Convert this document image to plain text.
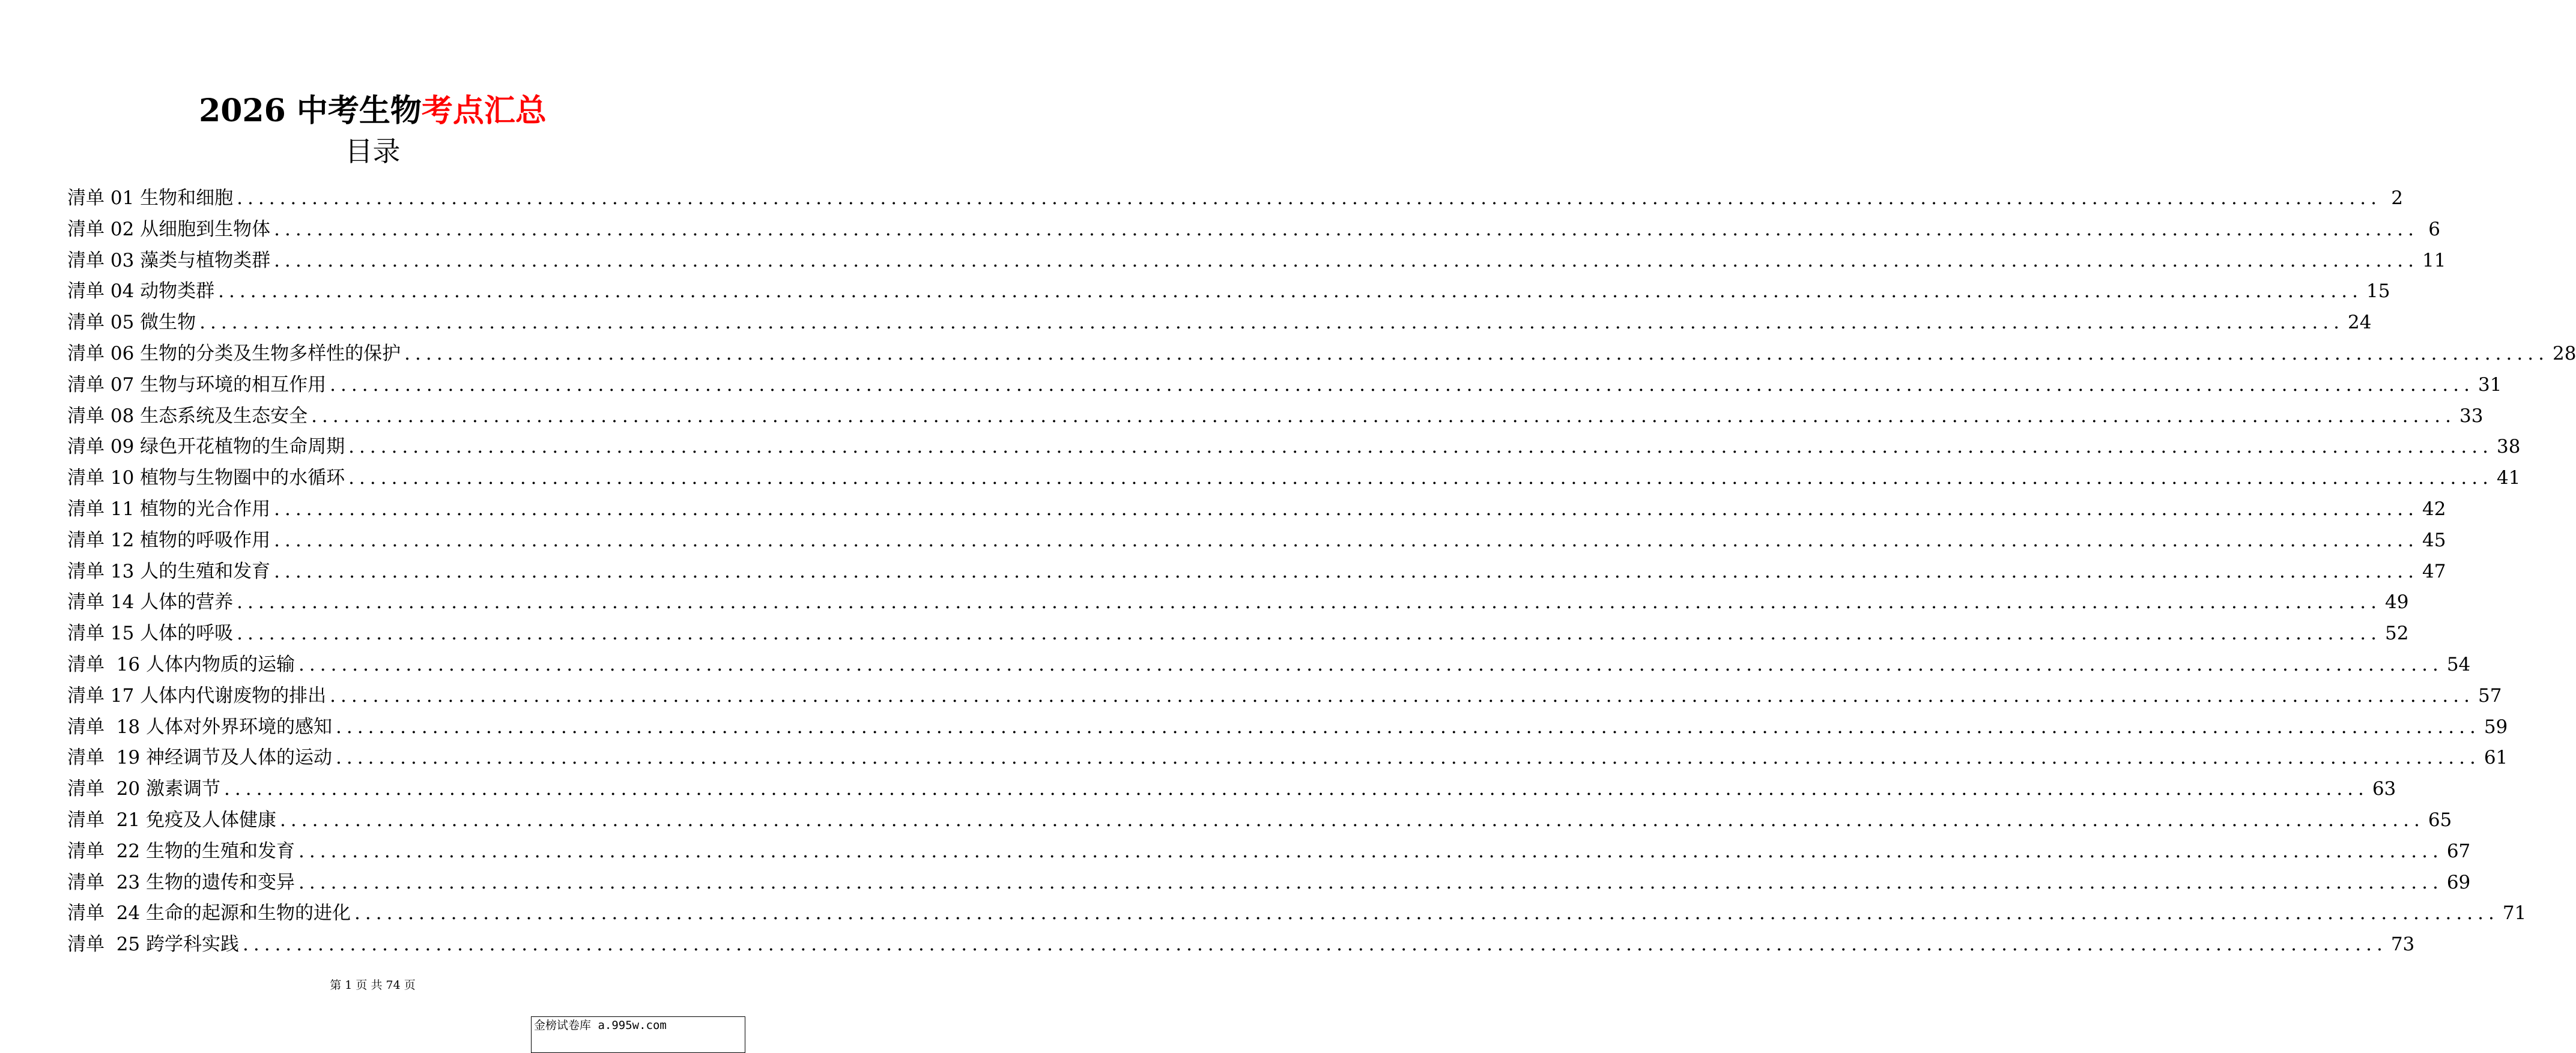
2026 中考生物考点汇总
目录
清单 01 生物和细胞 ........................................................................................................................................................................................................ 2
清单 02 从细胞到生物体 ........................................................................................................................................................................................................ 6
清单 03 藻类与植物类群 ........................................................................................................................................................................................................ 11
清单 04 动物类群 ........................................................................................................................................................................................................ 15
清单 05 微生物 ........................................................................................................................................................................................................ 24
清单 06 生物的分类及生物多样性的保护 ........................................................................................................................................................................................................ 28
清单 07 生物与环境的相互作用 ........................................................................................................................................................................................................ 31
清单 08 生态系统及生态安全 ........................................................................................................................................................................................................ 33
清单 09 绿色开花植物的生命周期 ........................................................................................................................................................................................................ 38
清单 10 植物与生物圈中的水循环 ........................................................................................................................................................................................................ 41
清单 11 植物的光合作用 ........................................................................................................................................................................................................ 42
清单 12 植物的呼吸作用 ........................................................................................................................................................................................................ 45
清单 13 人的生殖和发育 ........................................................................................................................................................................................................ 47
清单 14 人体的营养 ........................................................................................................................................................................................................ 49
清单 15 人体的呼吸 ........................................................................................................................................................................................................ 52
清单  16 人体内物质的运输 ........................................................................................................................................................................................................ 54
清单 17 人体内代谢废物的排出 ........................................................................................................................................................................................................ 57
清单  18 人体对外界环境的感知 ........................................................................................................................................................................................................ 59
清单  19 神经调节及人体的运动 ........................................................................................................................................................................................................ 61
清单  20 激素调节 ........................................................................................................................................................................................................ 63
清单  21 免疫及人体健康 ........................................................................................................................................................................................................ 65
清单  22 生物的生殖和发育 ........................................................................................................................................................................................................ 67
清单  23 生物的遗传和变异 ........................................................................................................................................................................................................ 69
清单  24 生命的起源和生物的进化 ........................................................................................................................................................................................................ 71
清单  25 跨学科实践 ........................................................................................................................................................................................................ 73
第 1 页 共 74 页
金榜试卷库 a.995w.com
